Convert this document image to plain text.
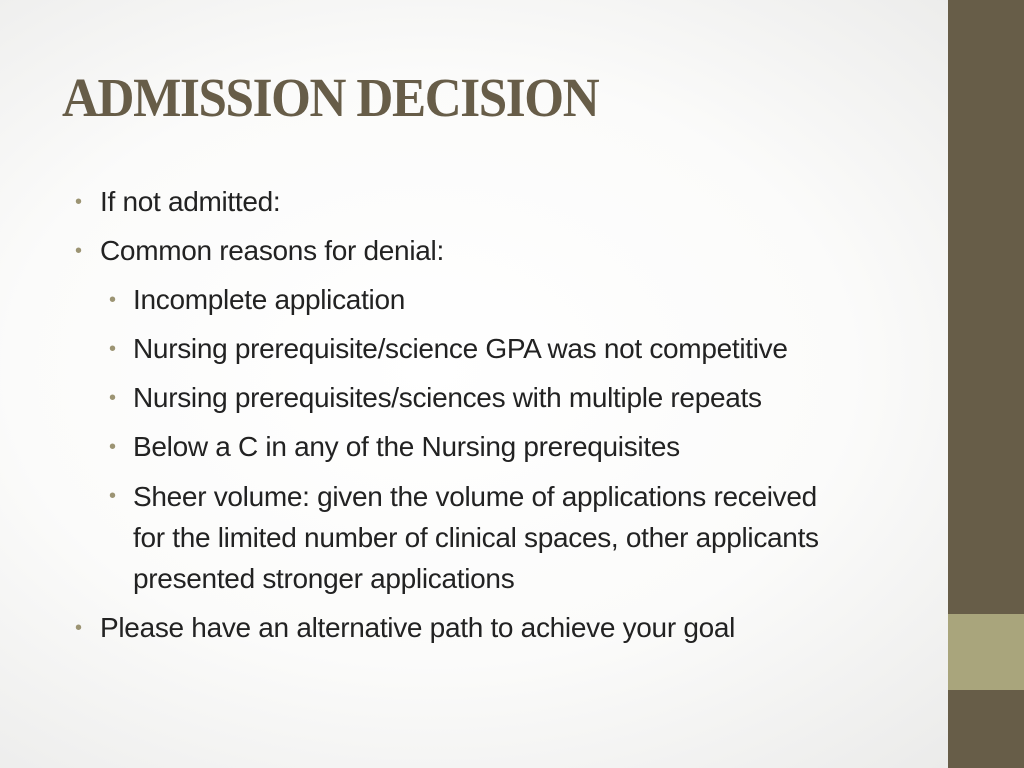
ADMISSION DECISION
• If not admitted:
• Common reasons for denial:
• Incomplete application
• Nursing prerequisite/science GPA was not competitive
• Nursing prerequisites/sciences with multiple repeats
• Below a C in any of the Nursing prerequisites
• Sheer volume: given the volume of applications received for the limited number of clinical spaces, other applicants presented stronger applications
• Please have an alternative path to achieve your goal
